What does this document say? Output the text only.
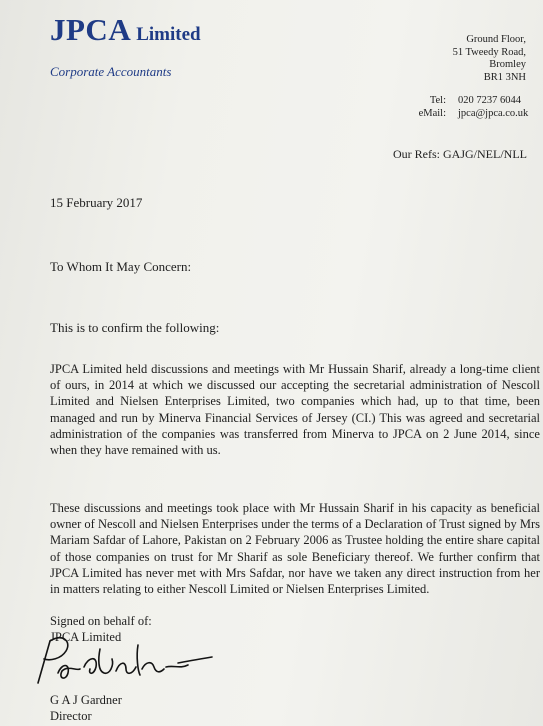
JPCA Limited
Corporate Accountants
Ground Floor,
51 Tweedy Road,
Bromley
BR1 3NH
Tel: 020 7237 6044
eMail: jpca@jpca.co.uk
Our Refs: GAJG/NEL/NLL
15 February 2017
To Whom It May Concern:
This is to confirm the following:

JPCA Limited held discussions and meetings with Mr Hussain Sharif, already a long-time client of ours, in 2014 at which we discussed our accepting the secretarial administration of Nescoll Limited and Nielsen Enterprises Limited, two companies which had, up to that time, been managed and run by Minerva Financial Services of Jersey (CI.) This was agreed and secretarial administration of the companies was transferred from Minerva to JPCA on 2 June 2014, since when they have remained with us.

These discussions and meetings took place with Mr Hussain Sharif in his capacity as beneficial owner of Nescoll and Nielsen Enterprises under the terms of a Declaration of Trust signed by Mrs Mariam Safdar of Lahore, Pakistan on 2 February 2006 as Trustee holding the entire share capital of those companies on trust for Mr Sharif as sole Beneficiary thereof. We further confirm that JPCA Limited has never met with Mrs Safdar, nor have we taken any direct instruction from her in matters relating to either Nescoll Limited or Nielsen Enterprises Limited.

Signed on behalf of:
JPCA Limited
G A J Gardner
Director
